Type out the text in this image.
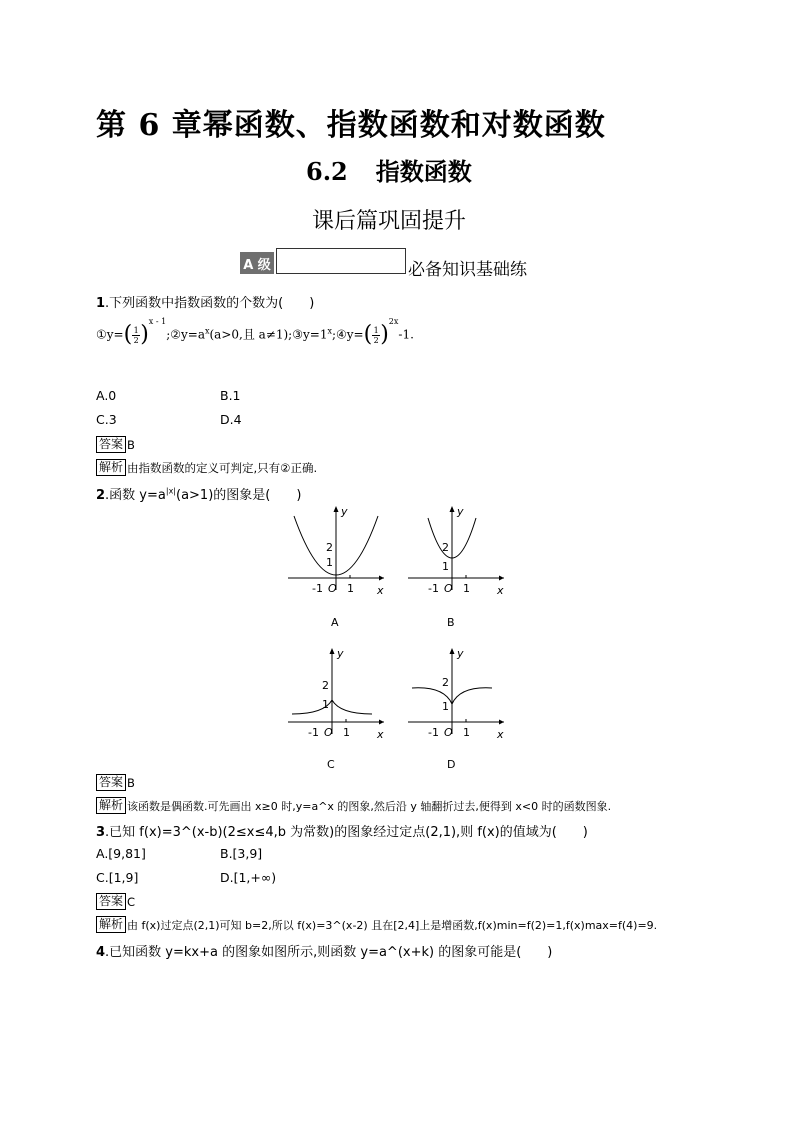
第 6 章幂函数、指数函数和对数函数
6.2 指数函数
课后篇巩固提升
A 级	必备知识基础练
1.下列函数中指数函数的个数为(　　)
①y=( $\frac{1}{2}$ )$^{x - 1};②y=a^x(a>0$,且 $a\ne 1);③y=1^x;④y=( \frac{1}{2} )^{2x}-1$.
A.0	B.1
C.3	D.4
答案 B
解析 由指数函数的定义可判定,只有②正确.
2.函数 $y=a^{|x|}(a>1)$的图象是(　　)
y
x
2
1
-1 O 1
A
y
x
2
1
-1 O 1
B
y
x
2
1
-1 O 1
C
y
x
2
1
-1 O 1
D
答案 B
解析 该函数是偶函数.可先画出 x≥0 时,y=a^x 的图象,然后沿 y 轴翻折过去,便得到 x<0 时的函数图象.
3.已知 f(x)=3^(x-b)(2≤x≤4,b 为常数)的图象经过定点(2,1),则 f(x)的值域为(　　)
A.[9,81]	B.[3,9]
C.[1,9]	D.[1,+∞)
答案 C
解析 由 f(x)过定点(2,1)可知 b=2,所以 f(x)=3^(x-2) 且在[2,4]上是增函数,f(x)min=f(2)=1,f(x)max=f(4)=9.
4.已知函数 y=kx+a 的图象如图所示,则函数 y=a^(x+k) 的图象可能是(　　)
